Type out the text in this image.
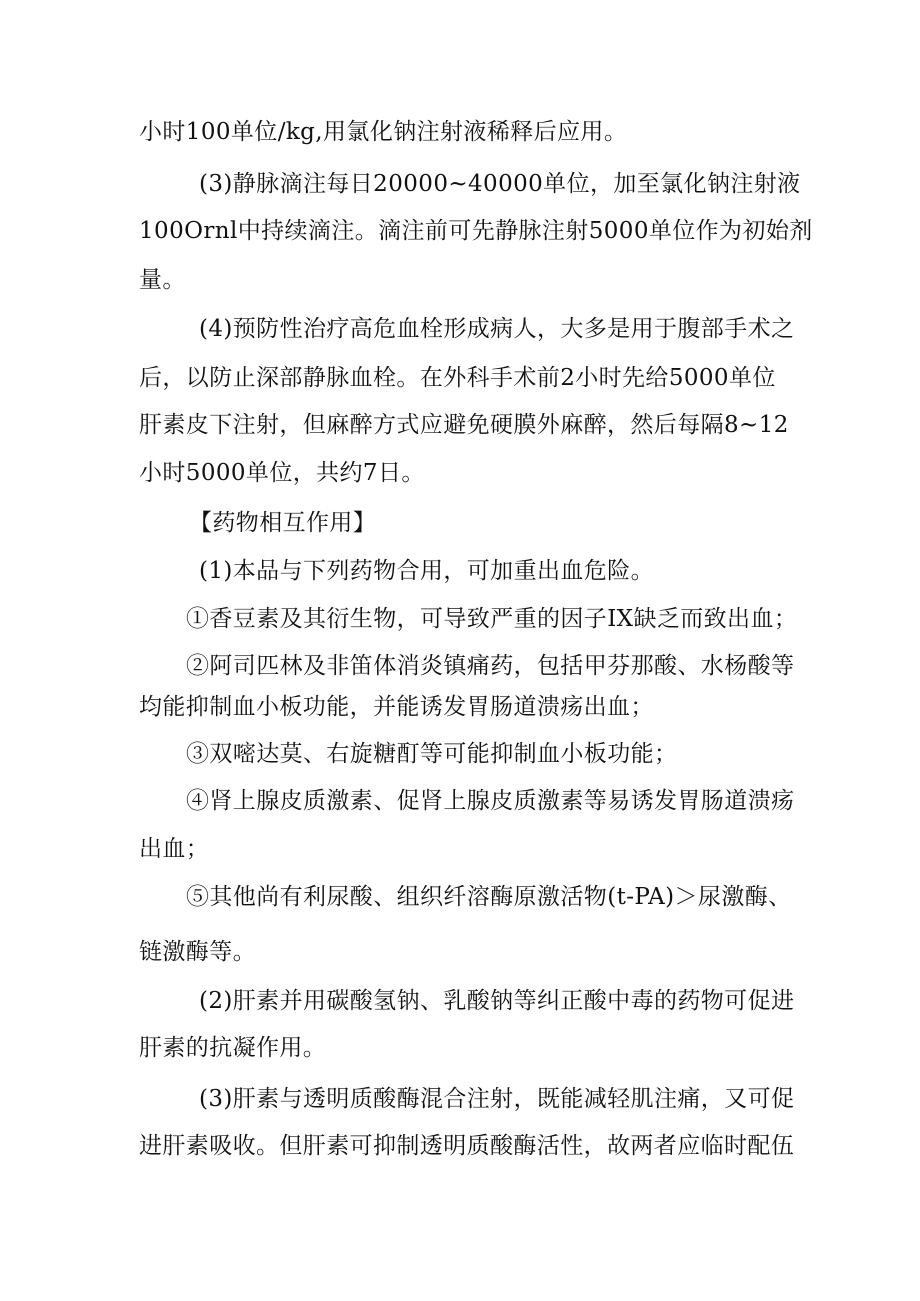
小时100单位/kg,用氯化钠注射液稀释后应用。
(3)静脉滴注每日20000~40000单位，加至氯化钠注射液
100Ornl中持续滴注。滴注前可先静脉注射5000单位作为初始剂
量。
(4)预防性治疗高危血栓形成病人，大多是用于腹部手术之
后，以防止深部静脉血栓。在外科手术前2小时先给5000单位
肝素皮下注射，但麻醉方式应避免硬膜外麻醉，然后每隔8~12
小时5000单位，共约7日。
【药物相互作用】
(1)本品与下列药物合用，可加重出血危险。
①香豆素及其衍生物，可导致严重的因子IX缺乏而致出血；
②阿司匹林及非笛体消炎镇痛药，包括甲芬那酸、水杨酸等
均能抑制血小板功能，并能诱发胃肠道溃疡出血；
③双嘧达莫、右旋糖酊等可能抑制血小板功能；
④肾上腺皮质激素、促肾上腺皮质激素等易诱发胃肠道溃疡
出血；
⑤其他尚有利尿酸、组织纤溶酶原激活物(t-PA)＞尿激酶、
链激酶等。
(2)肝素并用碳酸氢钠、乳酸钠等纠正酸中毒的药物可促进
肝素的抗凝作用。
(3)肝素与透明质酸酶混合注射，既能减轻肌注痛，又可促
进肝素吸收。但肝素可抑制透明质酸酶活性，故两者应临时配伍
